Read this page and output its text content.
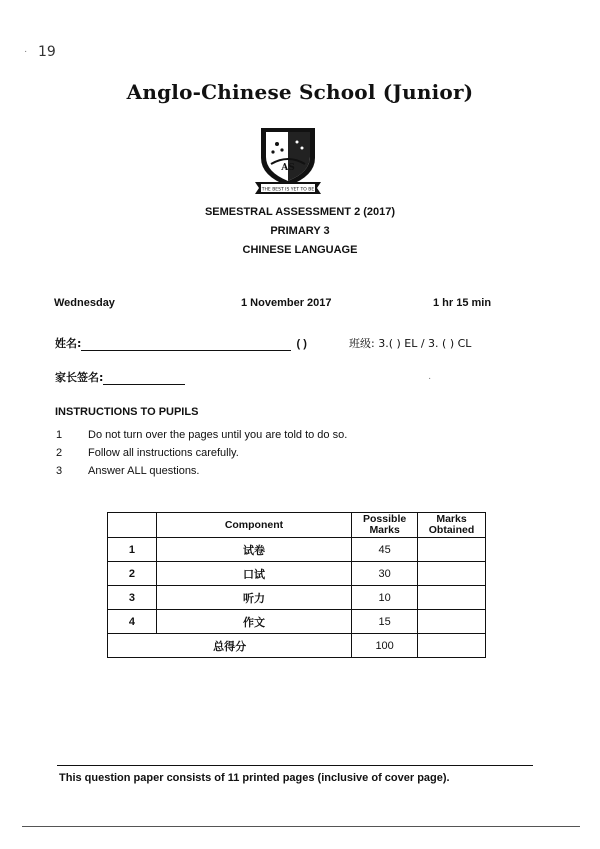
19
·
Anglo-Chinese School (Junior)
AS
THE BEST IS YET TO BE
SEMESTRAL ASSESSMENT 2 (2017)
PRIMARY 3
CHINESE LANGUAGE
Wednesday	1 November 2017	1 hr 15 min
姓名:	( )	班级: 3.( ) EL / 3. ( ) CL
家长签名:	·
INSTRUCTIONS TO PUPILS
1 Do not turn over the pages until you are told to do so.
2 Follow all instructions carefully.
3 Answer ALL questions.
	Component	Possible Marks	Marks Obtained
1	试卷	45	
2	口试	30	
3	听力	10	
4	作文	15	
总得分		100	
This question paper consists of 11 printed pages (inclusive of cover page).
